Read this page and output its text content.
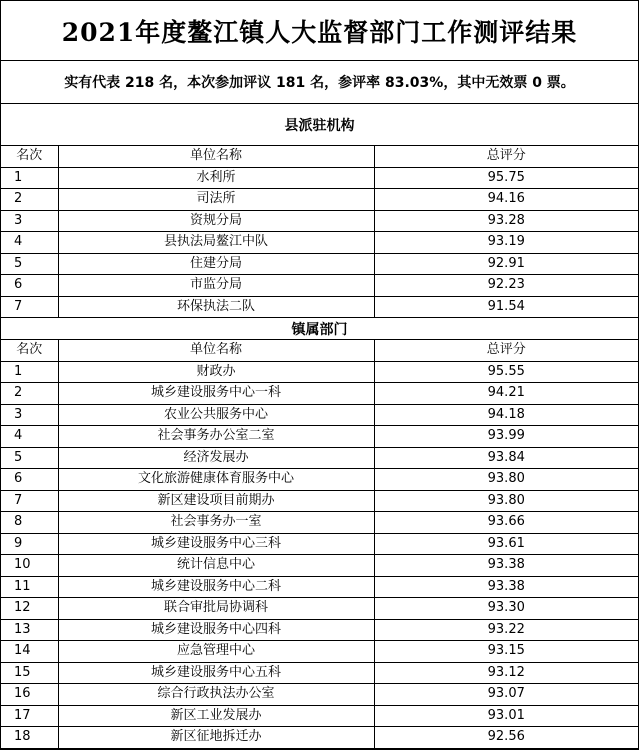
2021年度鳌江镇人大监督部门工作测评结果
实有代表 218 名，本次参加评议 181 名，参评率 83.03%，其中无效票 0 票。
县派驻机构
名次	单位名称	总评分
1	水利所	95.75
2	司法所	94.16
3	资规分局	93.28
4	县执法局鳌江中队	93.19
5	住建分局	92.91
6	市监分局	92.23
7	环保执法二队	91.54
镇属部门
名次	单位名称	总评分
1	财政办	95.55
2	城乡建设服务中心一科	94.21
3	农业公共服务中心	94.18
4	社会事务办公室二室	93.99
5	经济发展办	93.84
6	文化旅游健康体育服务中心	93.80
7	新区建设项目前期办	93.80
8	社会事务办一室	93.66
9	城乡建设服务中心三科	93.61
10	统计信息中心	93.38
11	城乡建设服务中心二科	93.38
12	联合审批局协调科	93.30
13	城乡建设服务中心四科	93.22
14	应急管理中心	93.15
15	城乡建设服务中心五科	93.12
16	综合行政执法办公室	93.07
17	新区工业发展办	93.01
18	新区征地拆迁办	92.56
